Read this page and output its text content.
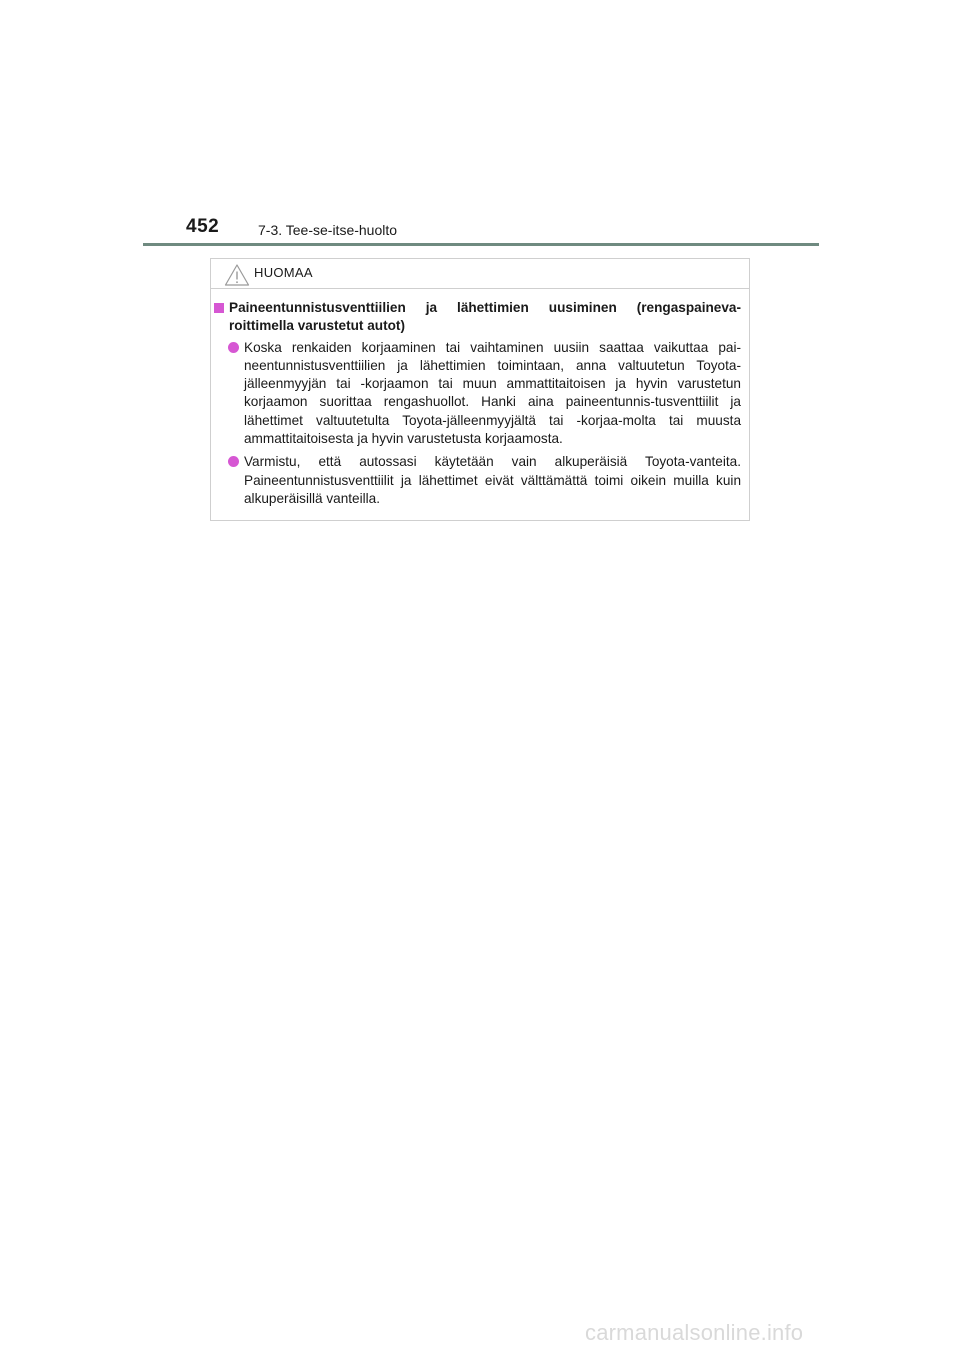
452	7-3. Tee-se-itse-huolto
HUOMAA
Paineentunnistusventtiilien ja lähettimien uusiminen (rengaspaineva-roittimella varustetut autot)
Koska renkaiden korjaaminen tai vaihtaminen uusiin saattaa vaikuttaa pai-neentunnistusventtiilien ja lähettimien toimintaan, anna valtuutetun Toyota-jälleenmyyjän tai -korjaamon tai muun ammattitaitoisen ja hyvin varustetun korjaamon suorittaa rengashuollot. Hanki aina paineentunnis-tusventtiilit ja lähettimet valtuutetulta Toyota-jälleenmyyjältä tai -korjaa-molta tai muusta ammattitaitoisesta ja hyvin varustetusta korjaamosta.
Varmistu, että autossasi käytetään vain alkuperäisiä Toyota-vanteita. Paineentunnistusventtiilit ja lähettimet eivät välttämättä toimi oikein muilla kuin alkuperäisillä vanteilla.
carmanualsonline.info
